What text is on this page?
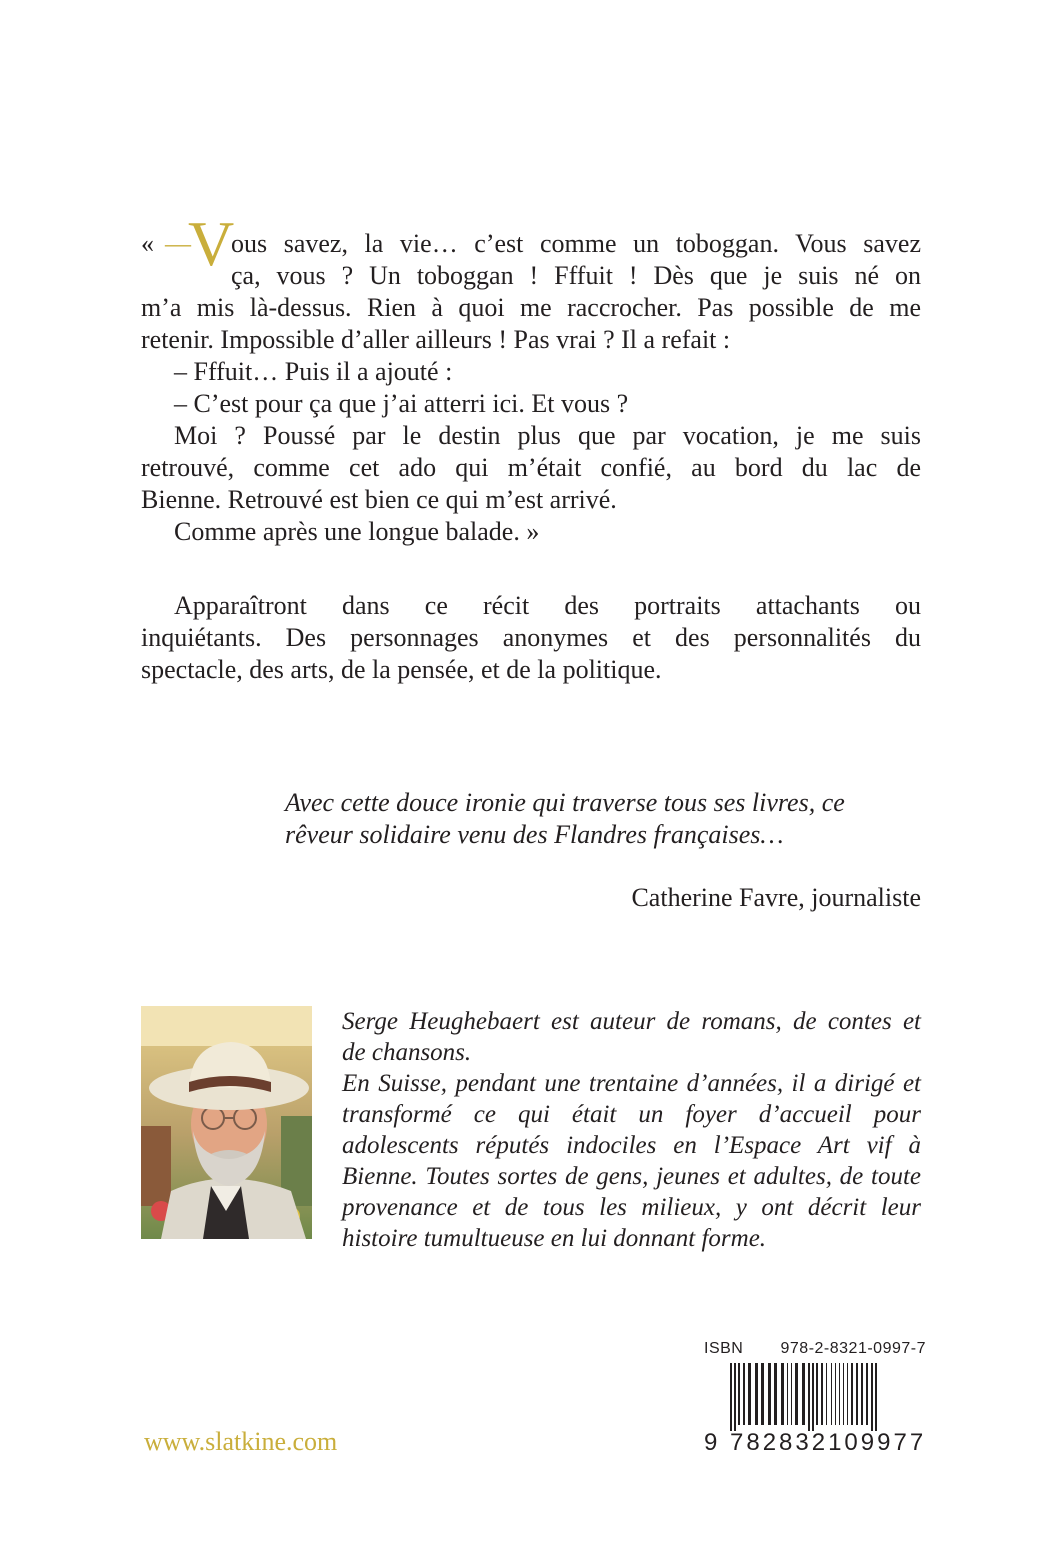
« —
V
ous savez, la vie… c’est comme un toboggan. Vous savez
ça, vous ? Un toboggan ! Fffuit ! Dès que je suis né on
m’a mis là-dessus. Rien à quoi me raccrocher. Pas possible de me
retenir. Impossible d’aller ailleurs ! Pas vrai ? Il a refait :
– Fffuit… Puis il a ajouté :
– C’est pour ça que j’ai atterri ici. Et vous ?
Moi ? Poussé par le destin plus que par vocation, je me suis
retrouvé, comme cet ado qui m’était confié, au bord du lac de
Bienne. Retrouvé est bien ce qui m’est arrivé.
Comme après une longue balade. »
Apparaîtront dans ce récit des portraits attachants ou
inquiétants. Des personnages anonymes et des personnalités du
spectacle, des arts, de la pensée, et de la politique.
Avec cette douce ironie qui traverse tous ses livres, ce
rêveur solidaire venu des Flandres françaises…
Catherine Favre, journaliste
Serge Heughebaert est auteur de romans, de contes et
de chansons.
En Suisse, pendant une trentaine d’années, il a dirigé et
transformé ce qui était un foyer d’accueil pour
adolescents réputés indociles en l’Espace Art vif à
Bienne. Toutes sortes de gens, jeunes et adultes, de toute
provenance et de tous les milieux, y ont décrit leur
histoire tumultueuse en lui donnant forme.
ISBN 978-2-8321-0997-7
9 782832109977
www.slatkine.com
